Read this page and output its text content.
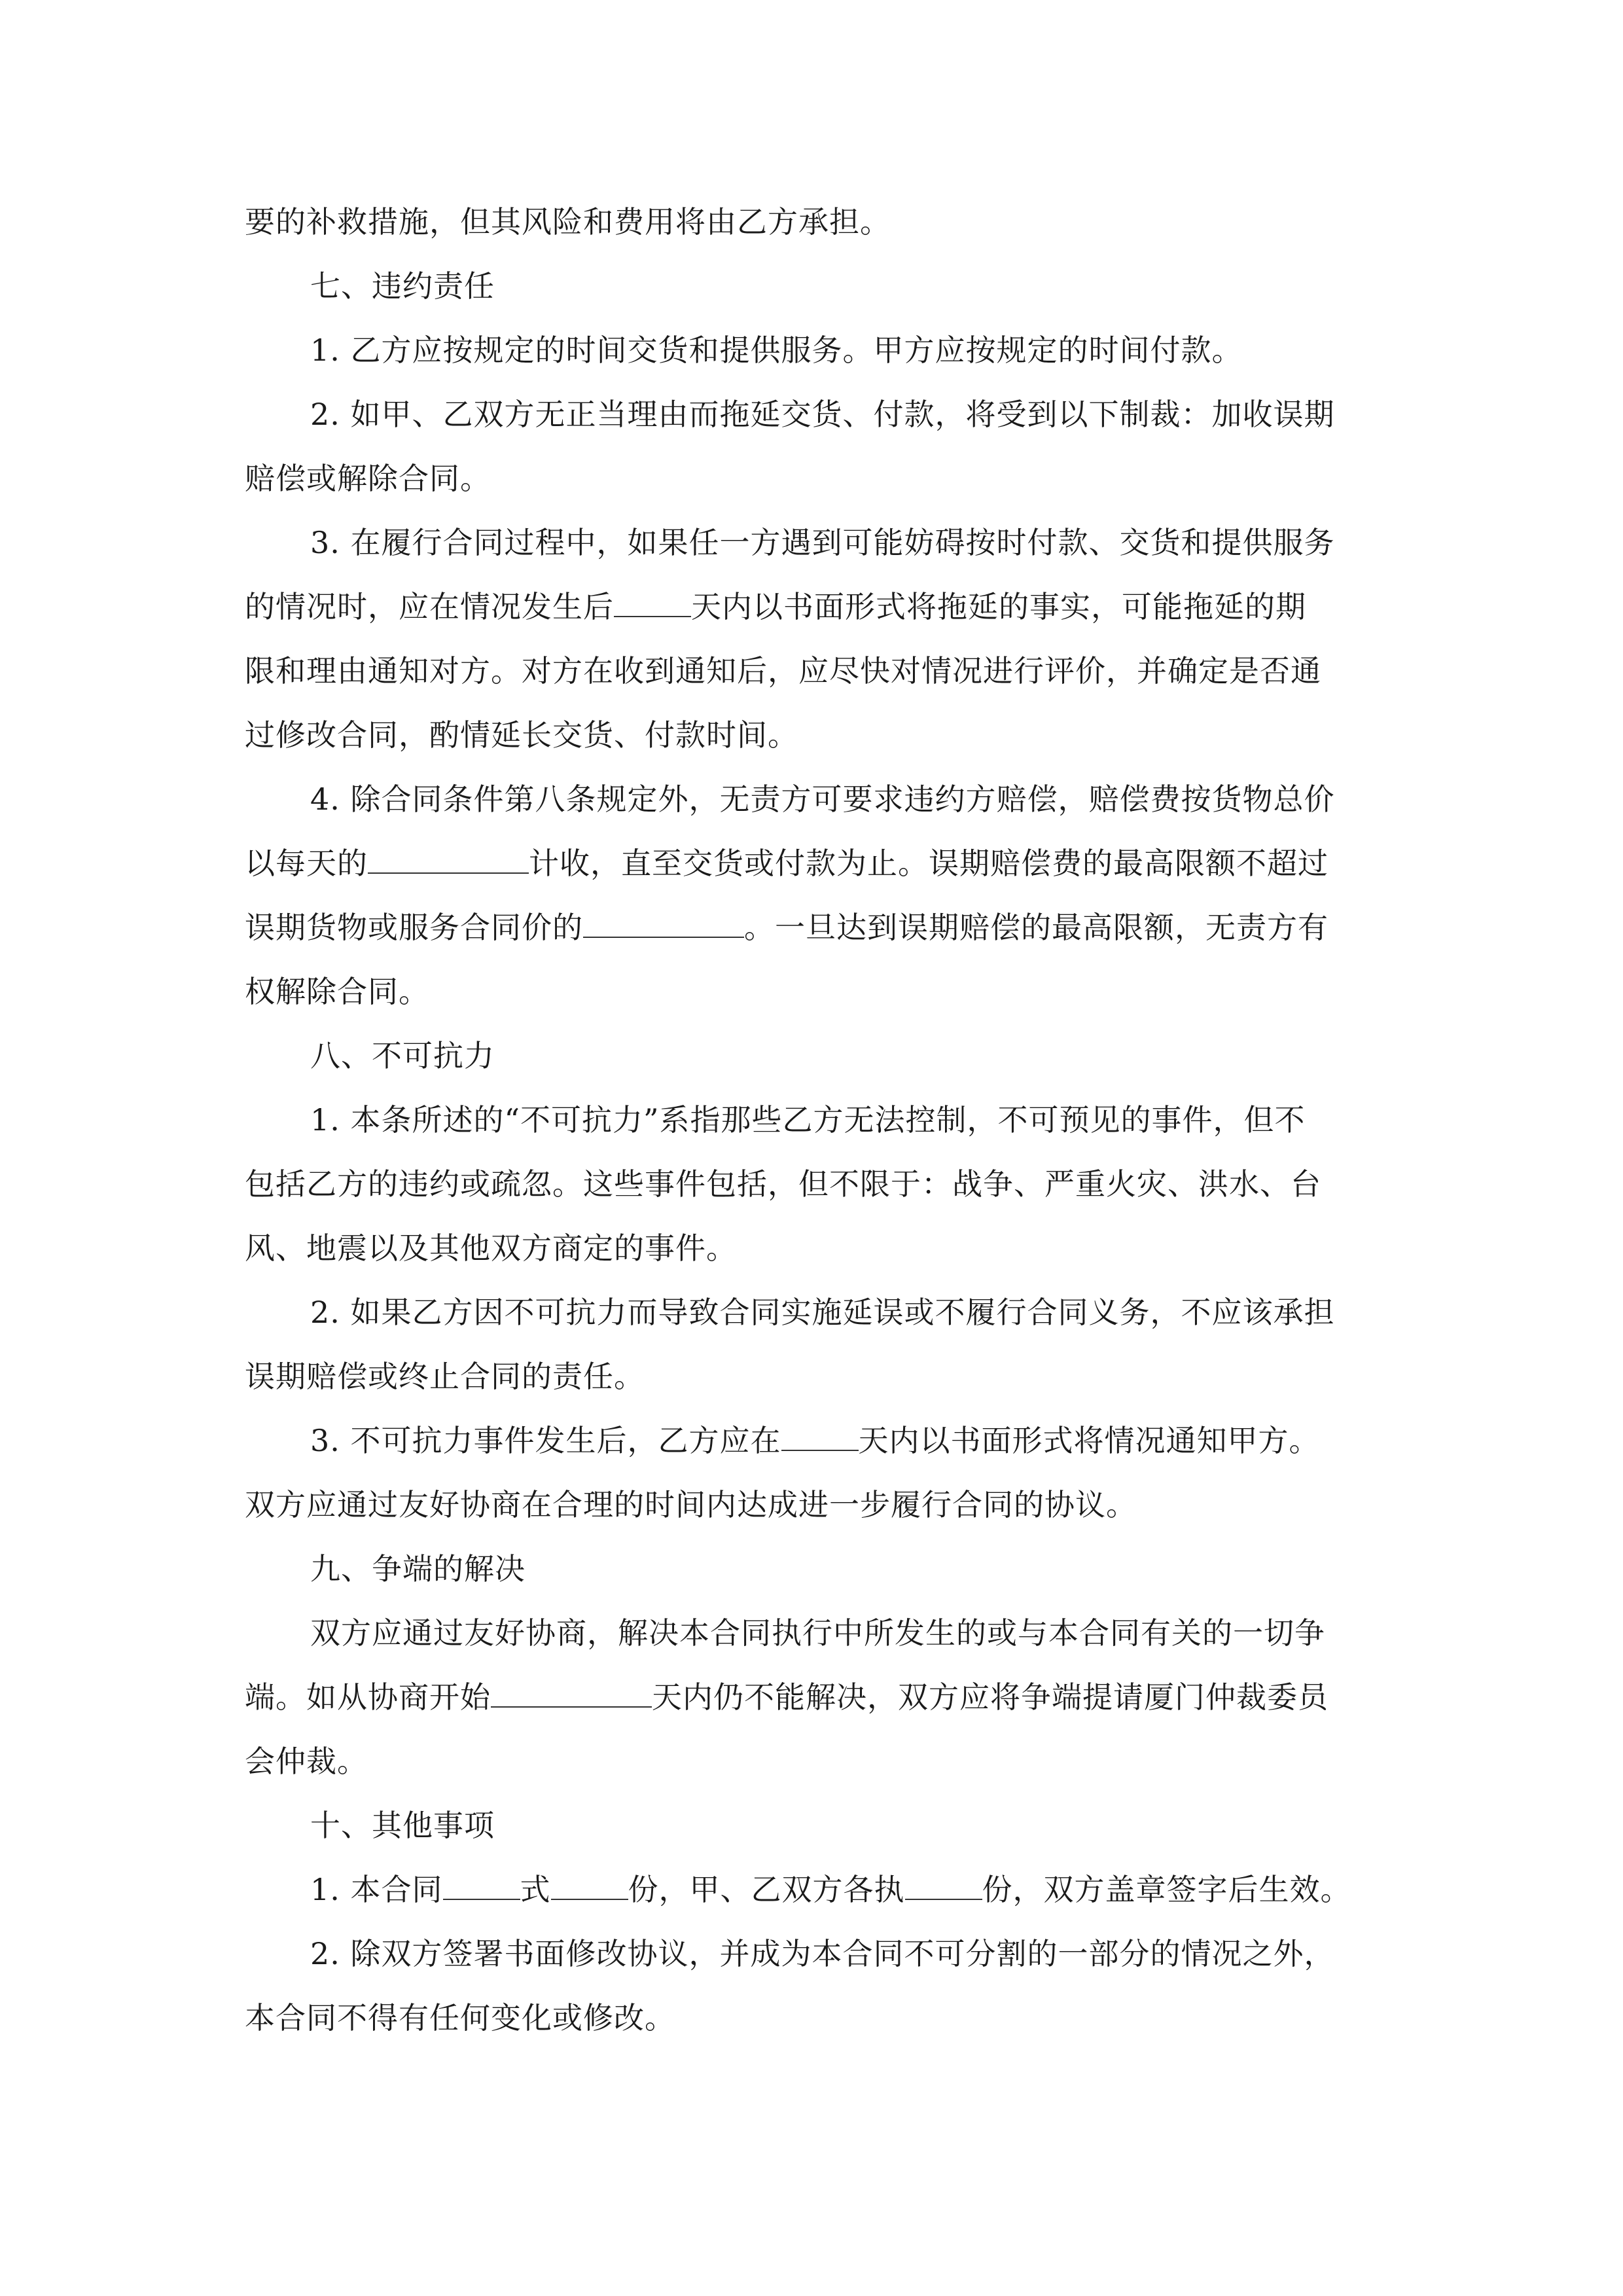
要的补救措施，但其风险和费用将由乙方承担。
七、违约责任
1. 乙方应按规定的时间交货和提供服务。甲方应按规定的时间付款。
2. 如甲、乙双方无正当理由而拖延交货、付款，将受到以下制裁：加收误期
赔偿或解除合同。
3. 在履行合同过程中，如果任一方遇到可能妨碍按时付款、交货和提供服务
的情况时，应在情况发生后	天内以书面形式将拖延的事实，可能拖延的期
限和理由通知对方。对方在收到通知后，应尽快对情况进行评价，并确定是否通
过修改合同，酌情延长交货、付款时间。
4. 除合同条件第八条规定外，无责方可要求违约方赔偿，赔偿费按货物总价
以每天的	计收，直至交货或付款为止。误期赔偿费的最高限额不超过
误期货物或服务合同价的	。一旦达到误期赔偿的最高限额，无责方有
权解除合同。
八、不可抗力
1. 本条所述的“不可抗力”系指那些乙方无法控制，不可预见的事件，但不
包括乙方的违约或疏忽。这些事件包括，但不限于：战争、严重火灾、洪水、台
风、地震以及其他双方商定的事件。
2. 如果乙方因不可抗力而导致合同实施延误或不履行合同义务，不应该承担
误期赔偿或终止合同的责任。
3. 不可抗力事件发生后，乙方应在	天内以书面形式将情况通知甲方。
双方应通过友好协商在合理的时间内达成进一步履行合同的协议。
九、争端的解决
双方应通过友好协商，解决本合同执行中所发生的或与本合同有关的一切争
端。如从协商开始	天内仍不能解决，双方应将争端提请厦门仲裁委员
会仲裁。
十、其他事项
1. 本合同	式	份，甲、乙双方各执	份，双方盖章签字后生效。
2. 除双方签署书面修改协议，并成为本合同不可分割的一部分的情况之外，
本合同不得有任何变化或修改。
